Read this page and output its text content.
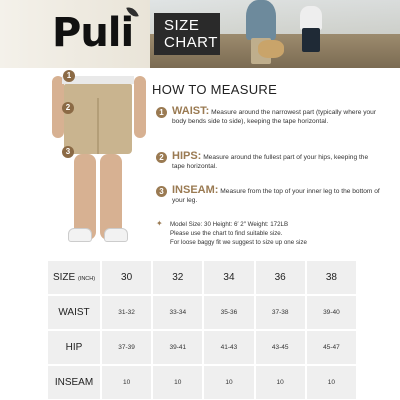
Puli SIZE
CHART
1
2
3
HOW TO MEASURE
1 WAIST: Measure around the narrowest part (typically where your body bends side to side), keeping the tape horizontal.
2 HIPS: Measure around the fullest part of your hips, keeping the tape horizontal.
3 INSEAM: Measure from the top of your inner leg to the bottom of your leg.
✦ Model Size: 30 Height: 6′ 2″ Weight: 172LB
Please use the chart to find suitable size.
For loose baggy fit we suggest to size up one size
SIZE (INCH)	30	32	34	36	38
WAIST	31-32	33-34	35-36	37-38	39-40
HIP	37-39	39-41	41-43	43-45	45-47
INSEAM	10	10	10	10	10
